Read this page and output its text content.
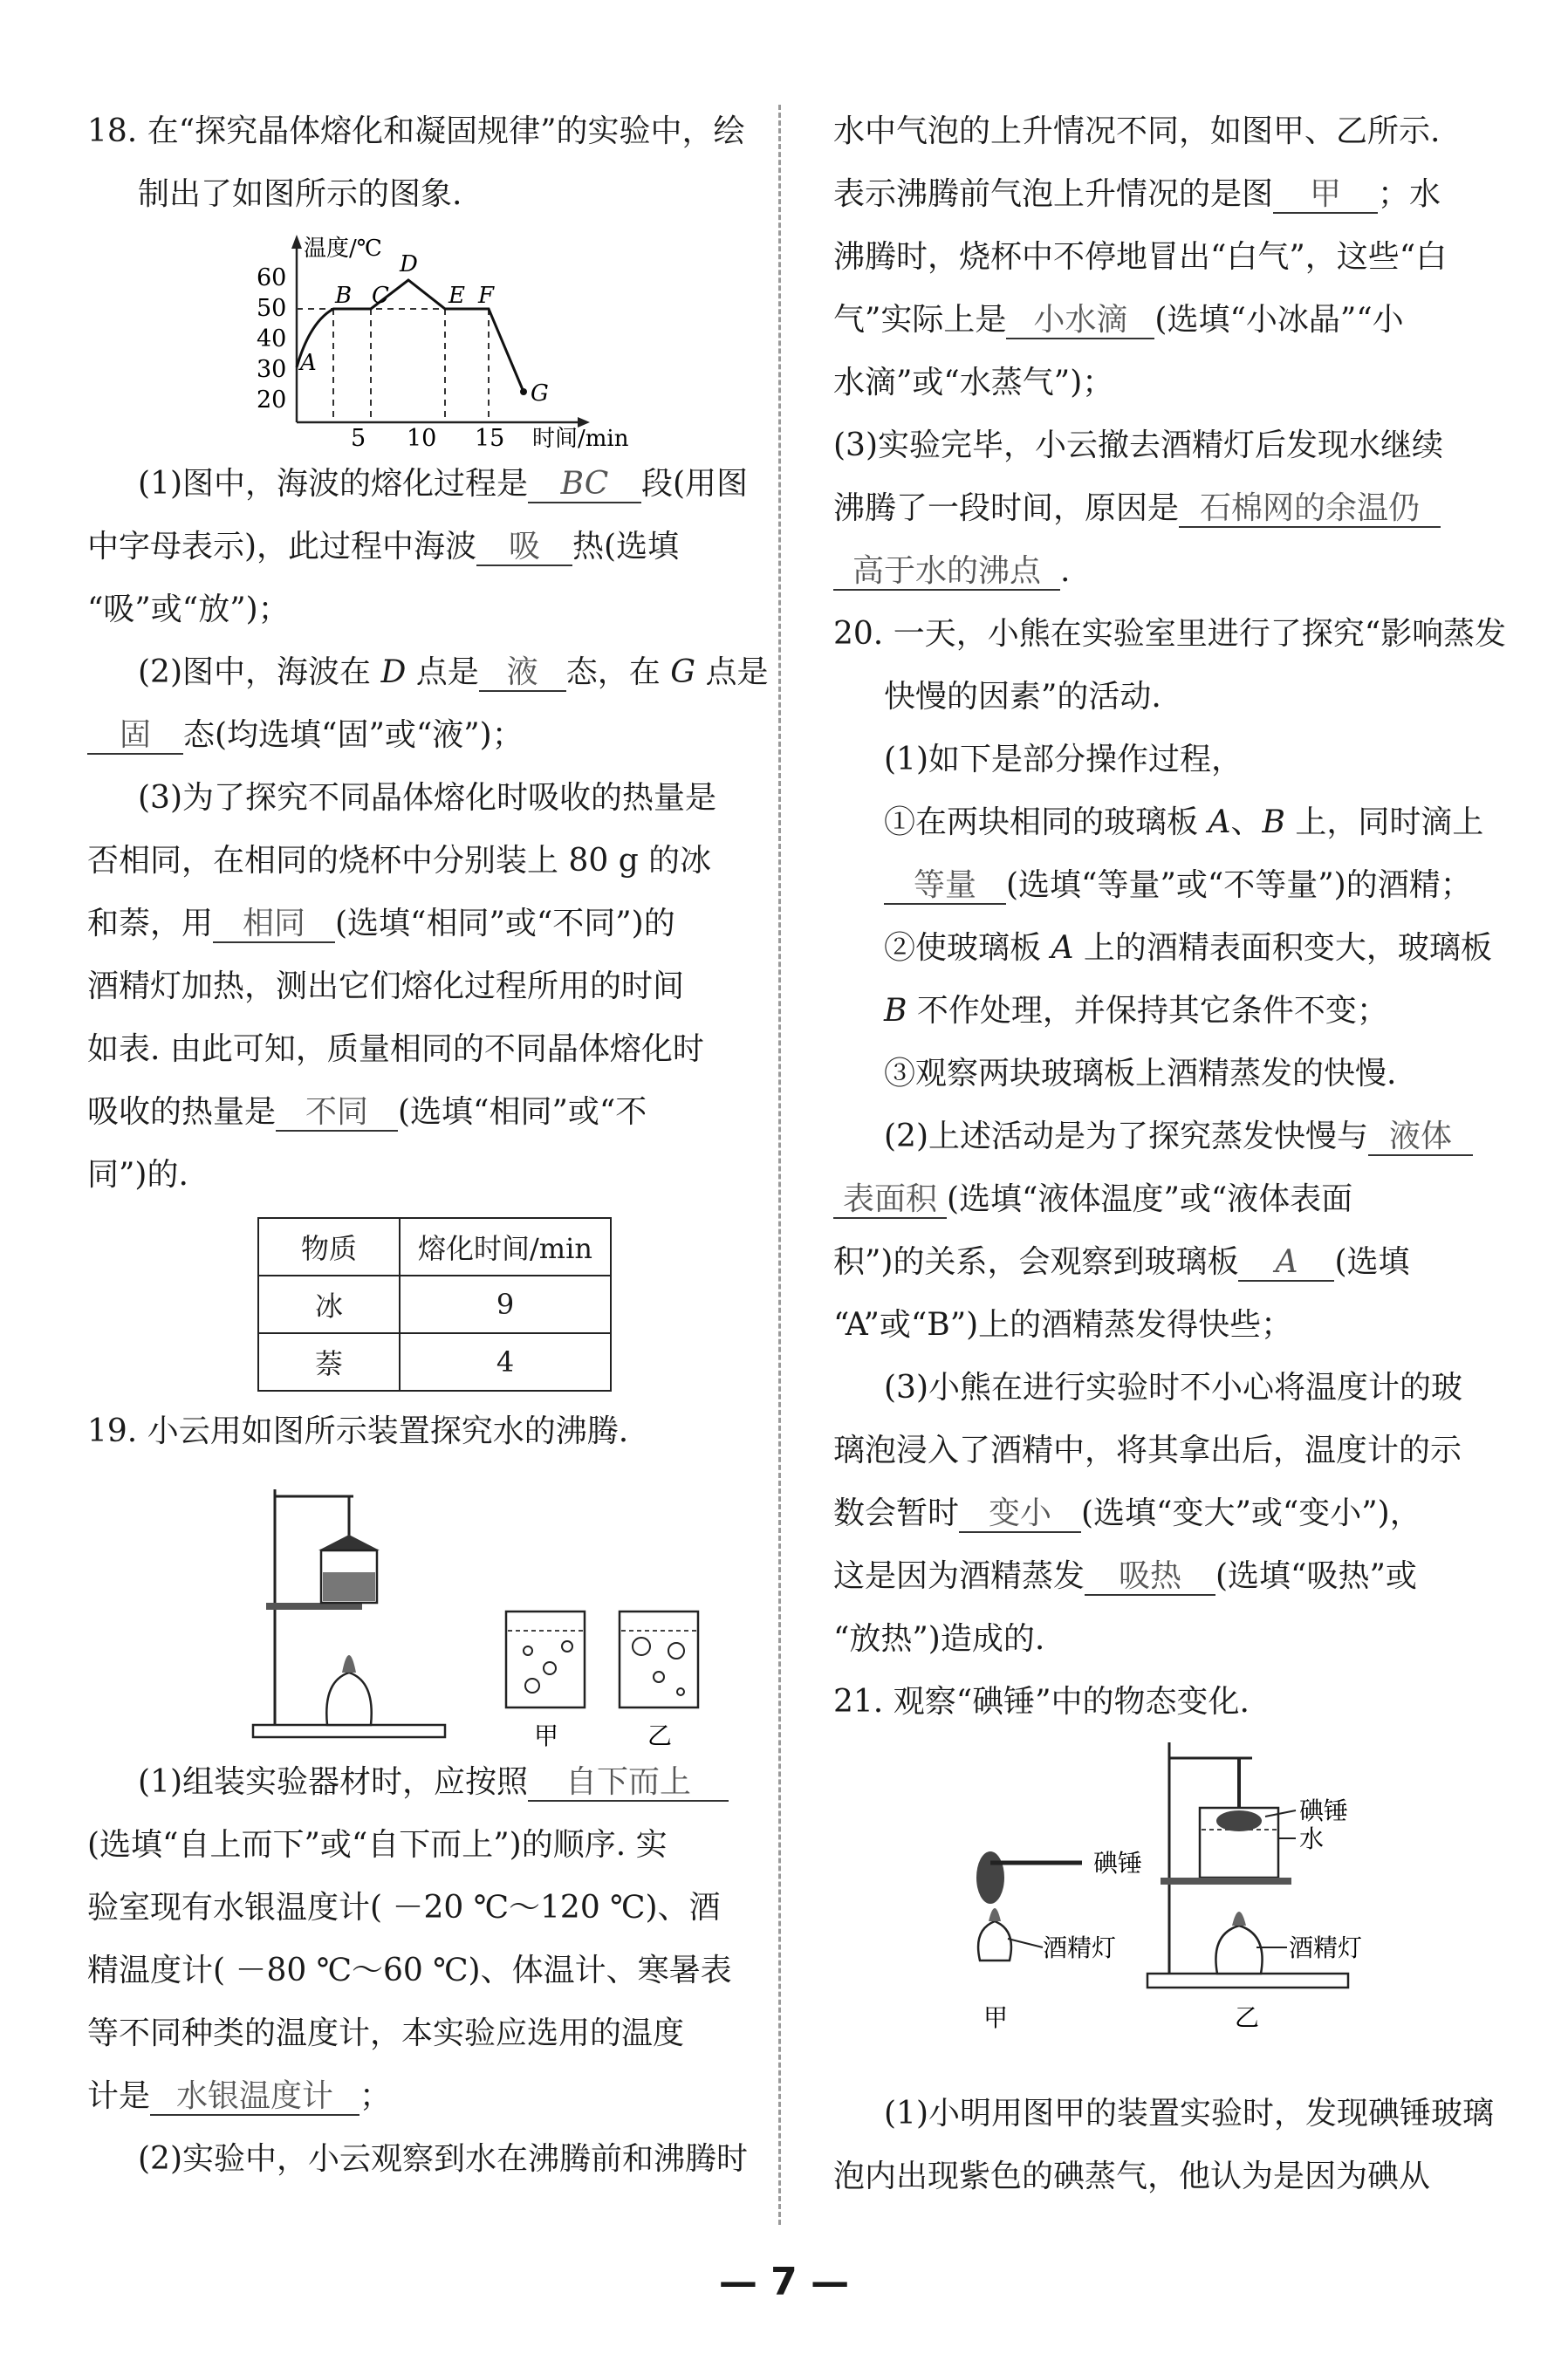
18. 在“探究晶体熔化和凝固规律”的实验中，绘
制出了如图所示的图象.
温度/℃
时间/min
60
50
40
30
20
5 10 15
A
B C
D
E F
G
(1)图中，海波的熔化过程是 BC 段(用图
中字母表示)，此过程中海波 吸 热(选填
“吸”或“放”)；
(2)图中，海波在 D 点是 液 态，在 G 点是
固 态(均选填“固”或“液”)；
(3)为了探究不同晶体熔化时吸收的热量是
否相同，在相同的烧杯中分别装上 80 g 的冰
和萘，用 相同 (选填“相同”或“不同”)的
酒精灯加热，测出它们熔化过程所用的时间
如表. 由此可知，质量相同的不同晶体熔化时
吸收的热量是 不同 (选填“相同”或“不
同”)的.
物质	熔化时间/min
冰	9
萘	4
19. 小云用如图所示装置探究水的沸腾.
甲	乙
(1)组装实验器材时，应按照 自下而上
(选填“自上而下”或“自下而上”)的顺序. 实
验室现有水银温度计( －20 ℃～120 ℃)、酒
精温度计( －80 ℃～60 ℃)、体温计、寒暑表
等不同种类的温度计，本实验应选用的温度
计是 水银温度计 ；
(2)实验中，小云观察到水在沸腾前和沸腾时
水中气泡的上升情况不同，如图甲、乙所示.
表示沸腾前气泡上升情况的是图 甲 ；水
沸腾时，烧杯中不停地冒出“白气”，这些“白
气”实际上是 小水滴 (选填“小冰晶”“小
水滴”或“水蒸气”)；
(3)实验完毕，小云撤去酒精灯后发现水继续
沸腾了一段时间，原因是 石棉网的余温仍
高于水的沸点 .
20. 一天，小熊在实验室里进行了探究“影响蒸发
快慢的因素”的活动.
(1)如下是部分操作过程，
①在两块相同的玻璃板 A、B 上，同时滴上
等量 (选填“等量”或“不等量”)的酒精；
②使玻璃板 A 上的酒精表面积变大，玻璃板
B 不作处理，并保持其它条件不变；
③观察两块玻璃板上酒精蒸发的快慢.
(2)上述活动是为了探究蒸发快慢与 液体
表面积 (选填“液体温度”或“液体表面
积”)的关系，会观察到玻璃板 A (选填
“A”或“B”)上的酒精蒸发得快些；
(3)小熊在进行实验时不小心将温度计的玻
璃泡浸入了酒精中，将其拿出后，温度计的示
数会暂时 变小 (选填“变大”或“变小”)，
这是因为酒精蒸发 吸热 (选填“吸热”或
“放热”)造成的.
21. 观察“碘锤”中的物态变化.
碘锤
酒精灯
甲
碘锤
水
酒精灯
乙
(1)小明用图甲的装置实验时，发现碘锤玻璃
泡内出现紫色的碘蒸气，他认为是因为碘从
— 7 —
